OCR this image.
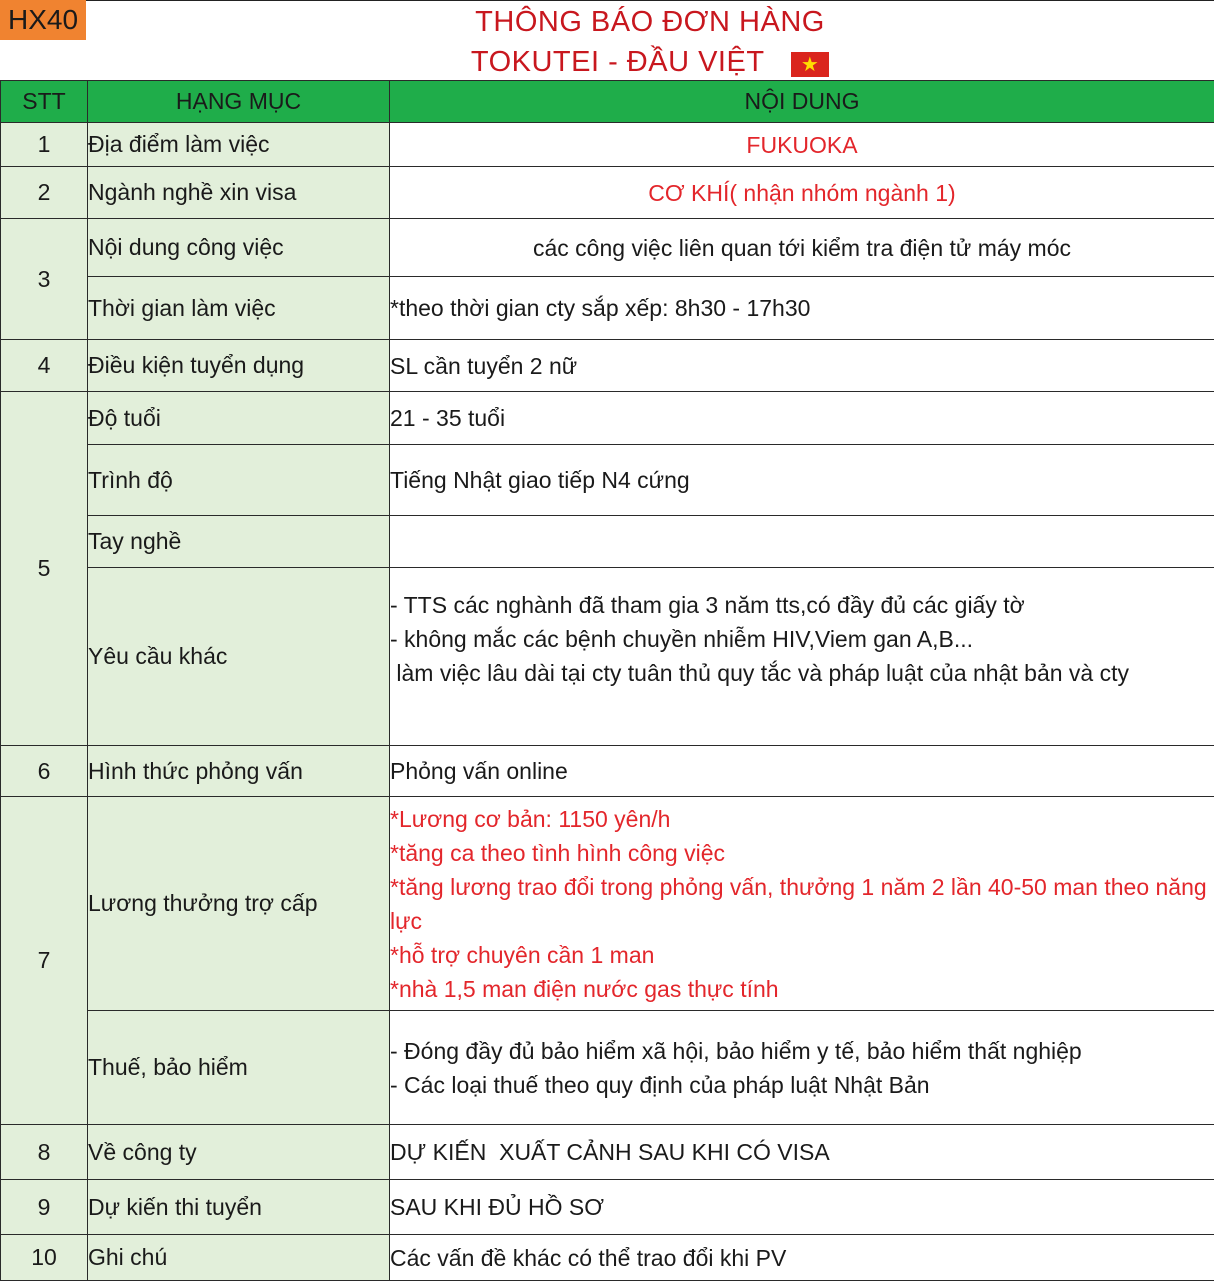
HX40	THÔNG BÁO ĐƠN HÀNG
TOKUTEI - ĐẦU VIỆT	★
STT	HẠNG MỤC	NỘI DUNG
1	Địa điểm làm việc	FUKUOKA
2	Ngành nghề xin visa	CƠ KHÍ( nhận nhóm ngành 1)
3	Nội dung công việc	các công việc liên quan tới kiểm tra điện tử máy móc
	Thời gian làm việc	*theo thời gian cty sắp xếp: 8h30 - 17h30
4	Điều kiện tuyển dụng	SL cần tuyển 2 nữ
5	Độ tuổi	21 - 35 tuổi
	Trình độ	Tiếng Nhật giao tiếp N4 cứng
	Tay nghề	
	Yêu cầu khác	- TTS các nghành đã tham gia 3 năm tts,có đầy đủ các giấy tờ
- không mắc các bệnh chuyền nhiễm HIV,Viem gan A,B...
làm việc lâu dài tại cty tuân thủ quy tắc và pháp luật của nhật bản và cty

6	Hình thức phỏng vấn	Phỏng vấn online
7	Lương thưởng trợ cấp	*Lương cơ bản: 1150 yên/h
*tăng ca theo tình hình công việc
*tăng lương trao đổi trong phỏng vấn, thưởng 1 năm 2 lần 40-50 man theo năng lực
*hỗ trợ chuyên cần 1 man
*nhà 1,5 man điện nước gas thực tính

	Thuế, bảo hiểm	- Đóng đầy đủ bảo hiểm xã hội, bảo hiểm y tế, bảo hiểm thất nghiệp
- Các loại thuế theo quy định của pháp luật Nhật Bản

8	Về công ty	DỰ KIẾN  XUẤT CẢNH SAU KHI CÓ VISA
9	Dự kiến thi tuyển	SAU KHI ĐỦ HỒ SƠ
10	Ghi chú	Các vấn đề khác có thể trao đổi khi PV
